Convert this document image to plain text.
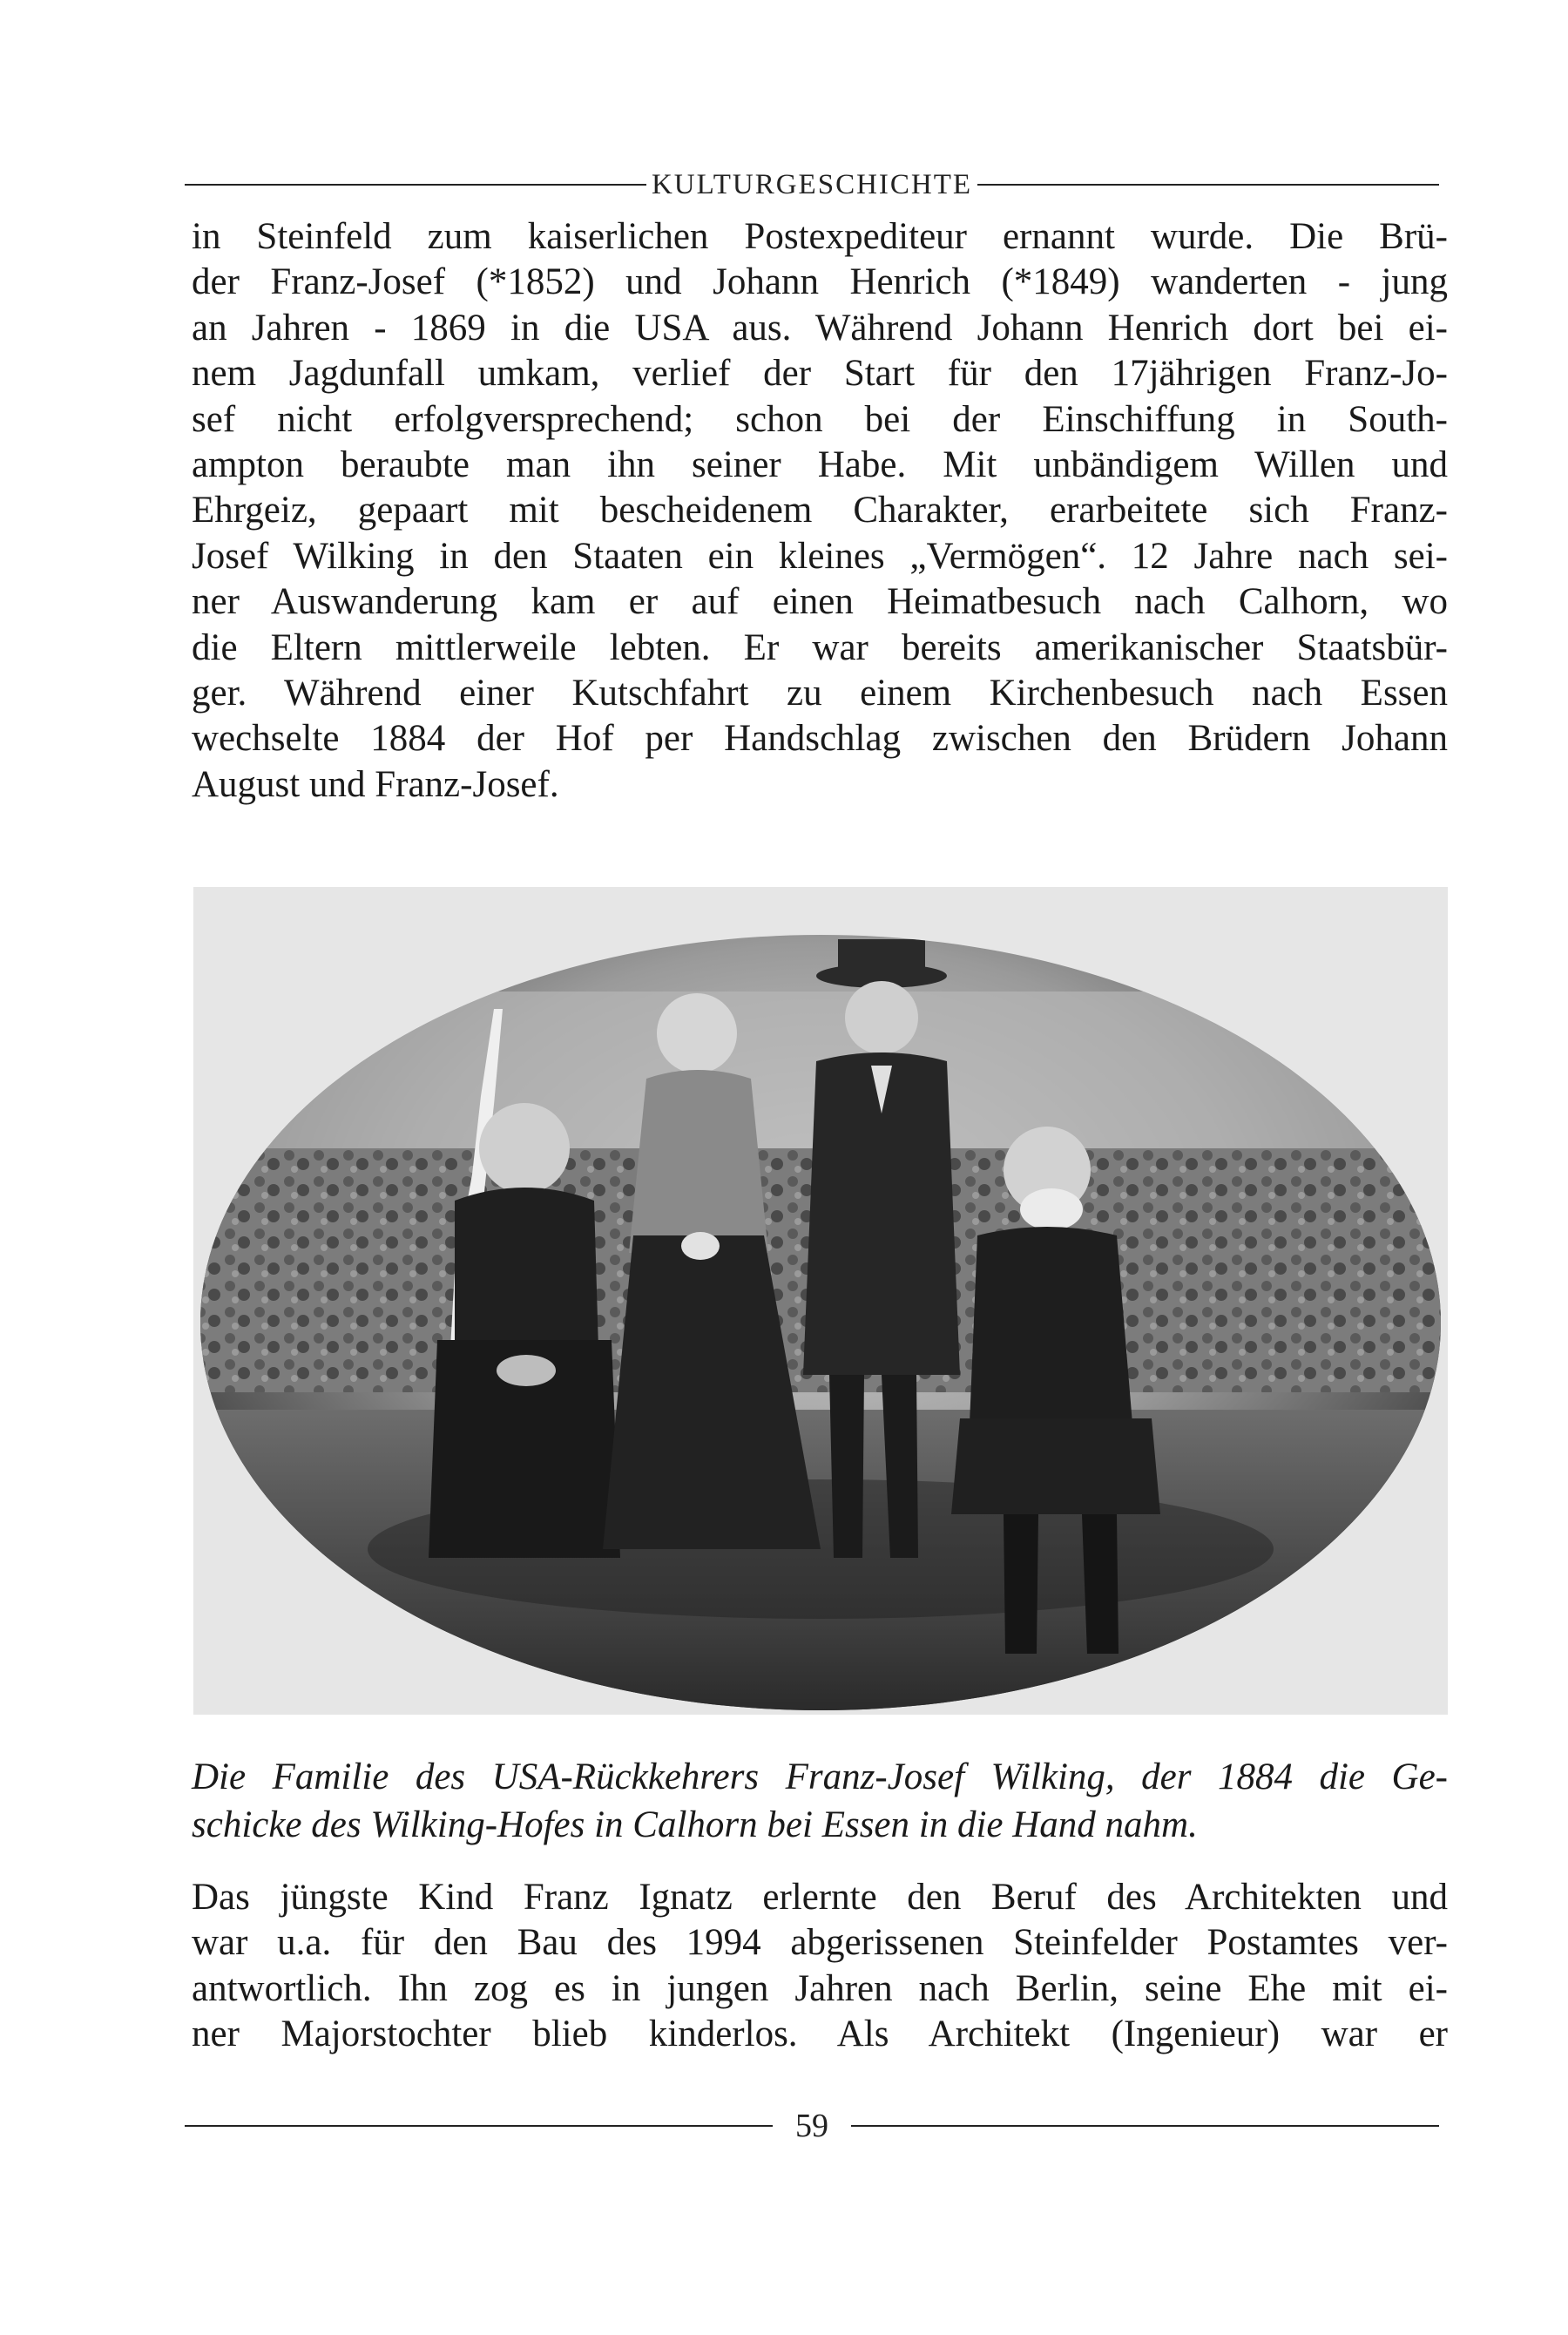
KULTURGESCHICHTE
in Steinfeld zum kaiserlichen Postexpediteur ernannt wurde. Die Brü-
der Franz-Josef (*1852) und Johann Henrich (*1849) wanderten - jung
an Jahren - 1869 in die USA aus. Während Johann Henrich dort bei ei-
nem Jagdunfall umkam, verlief der Start für den 17jährigen Franz-Jo-
sef nicht erfolgversprechend; schon bei der Einschiffung in South-
ampton beraubte man ihn seiner Habe. Mit unbändigem Willen und
Ehrgeiz, gepaart mit bescheidenem Charakter, erarbeitete sich Franz-
Josef Wilking in den Staaten ein kleines „Vermögen“. 12 Jahre nach sei-
ner Auswanderung kam er auf einen Heimatbesuch nach Calhorn, wo
die Eltern mittlerweile lebten. Er war bereits amerikanischer Staatsbür-
ger. Während einer Kutschfahrt zu einem Kirchenbesuch nach Essen
wechselte 1884 der Hof per Handschlag zwischen den Brüdern Johann
August und Franz-Josef.
Die Familie des USA-Rückkehrers Franz-Josef Wilking, der 1884 die Ge-
schicke des Wilking-Hofes in Calhorn bei Essen in die Hand nahm.
Das jüngste Kind Franz Ignatz erlernte den Beruf des Architekten und
war u.a. für den Bau des 1994 abgerissenen Steinfelder Postamtes ver-
antwortlich. Ihn zog es in jungen Jahren nach Berlin, seine Ehe mit ei-
ner Majorstochter blieb kinderlos. Als Architekt (Ingenieur) war er
59
